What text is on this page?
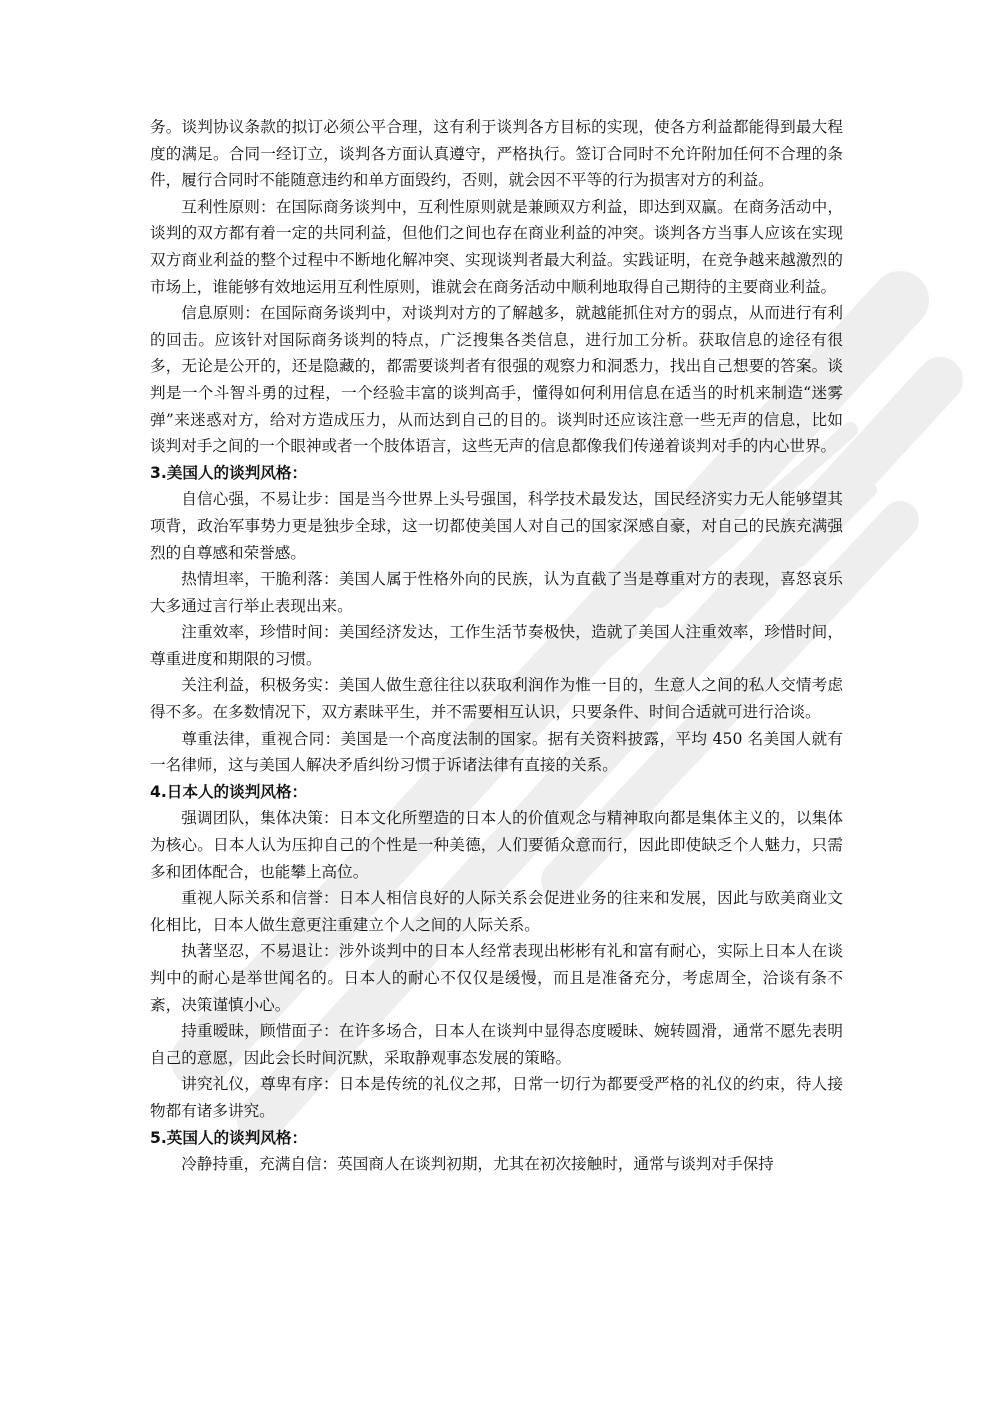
务。谈判协议条款的拟订必须公平合理，这有利于谈判各方目标的实现，使各方利益都能得到最大程度的满足。合同一经订立，谈判各方面认真遵守，严格执行。签订合同时不允许附加任何不合理的条件，履行合同时不能随意违约和单方面毁约，否则，就会因不平等的行为损害对方的利益。

互利性原则：在国际商务谈判中，互利性原则就是兼顾双方利益，即达到双赢。在商务活动中，谈判的双方都有着一定的共同利益，但他们之间也存在商业利益的冲突。谈判各方当事人应该在实现双方商业利益的整个过程中不断地化解冲突、实现谈判者最大利益。实践证明，在竞争越来越激烈的市场上，谁能够有效地运用互利性原则，谁就会在商务活动中顺利地取得自己期待的主要商业利益。

信息原则：在国际商务谈判中，对谈判对方的了解越多，就越能抓住对方的弱点，从而进行有利的回击。应该针对国际商务谈判的特点，广泛搜集各类信息，进行加工分析。获取信息的途径有很多，无论是公开的，还是隐藏的，都需要谈判者有很强的观察力和洞悉力，找出自己想要的答案。谈判是一个斗智斗勇的过程，一个经验丰富的谈判高手，懂得如何利用信息在适当的时机来制造“迷雾弹”来迷惑对方，给对方造成压力，从而达到自己的目的。谈判时还应该注意一些无声的信息，比如谈判对手之间的一个眼神或者一个肢体语言，这些无声的信息都像我们传递着谈判对手的内心世界。

3.美国人的谈判风格：

自信心强，不易让步：国是当今世界上头号强国，科学技术最发达，国民经济实力无人能够望其项背，政治军事势力更是独步全球，这一切都使美国人对自己的国家深感自豪，对自己的民族充满强烈的自尊感和荣誉感。

热情坦率，干脆利落：美国人属于性格外向的民族，认为直截了当是尊重对方的表现，喜怒哀乐大多通过言行举止表现出来。

注重效率，珍惜时间：美国经济发达，工作生活节奏极快，造就了美国人注重效率，珍惜时间，尊重进度和期限的习惯。

关注利益，积极务实：美国人做生意往往以获取利润作为惟一目的，生意人之间的私人交情考虑得不多。在多数情况下，双方素昧平生，并不需要相互认识，只要条件、时间合适就可进行洽谈。

尊重法律，重视合同：美国是一个高度法制的国家。据有关资料披露，平均 450 名美国人就有一名律师，这与美国人解决矛盾纠纷习惯于诉诸法律有直接的关系。

4.日本人的谈判风格：

强调团队，集体决策：日本文化所塑造的日本人的价值观念与精神取向都是集体主义的，以集体为核心。日本人认为压抑自己的个性是一种美德，人们要循众意而行，因此即使缺乏个人魅力，只需多和团体配合，也能攀上高位。

重视人际关系和信誉：日本人相信良好的人际关系会促进业务的往来和发展，因此与欧美商业文化相比，日本人做生意更注重建立个人之间的人际关系。

执著坚忍，不易退让：涉外谈判中的日本人经常表现出彬彬有礼和富有耐心，实际上日本人在谈判中的耐心是举世闻名的。日本人的耐心不仅仅是缓慢，而且是准备充分，考虑周全，洽谈有条不紊，决策谨慎小心。

持重暧昧，顾惜面子：在许多场合，日本人在谈判中显得态度暧昧、婉转圆滑，通常不愿先表明自己的意愿，因此会长时间沉默，采取静观事态发展的策略。

讲究礼仪，尊卑有序：日本是传统的礼仪之邦，日常一切行为都要受严格的礼仪的约束，待人接物都有诸多讲究。

5.英国人的谈判风格：

冷静持重，充满自信：英国商人在谈判初期，尤其在初次接触时，通常与谈判对手保持
